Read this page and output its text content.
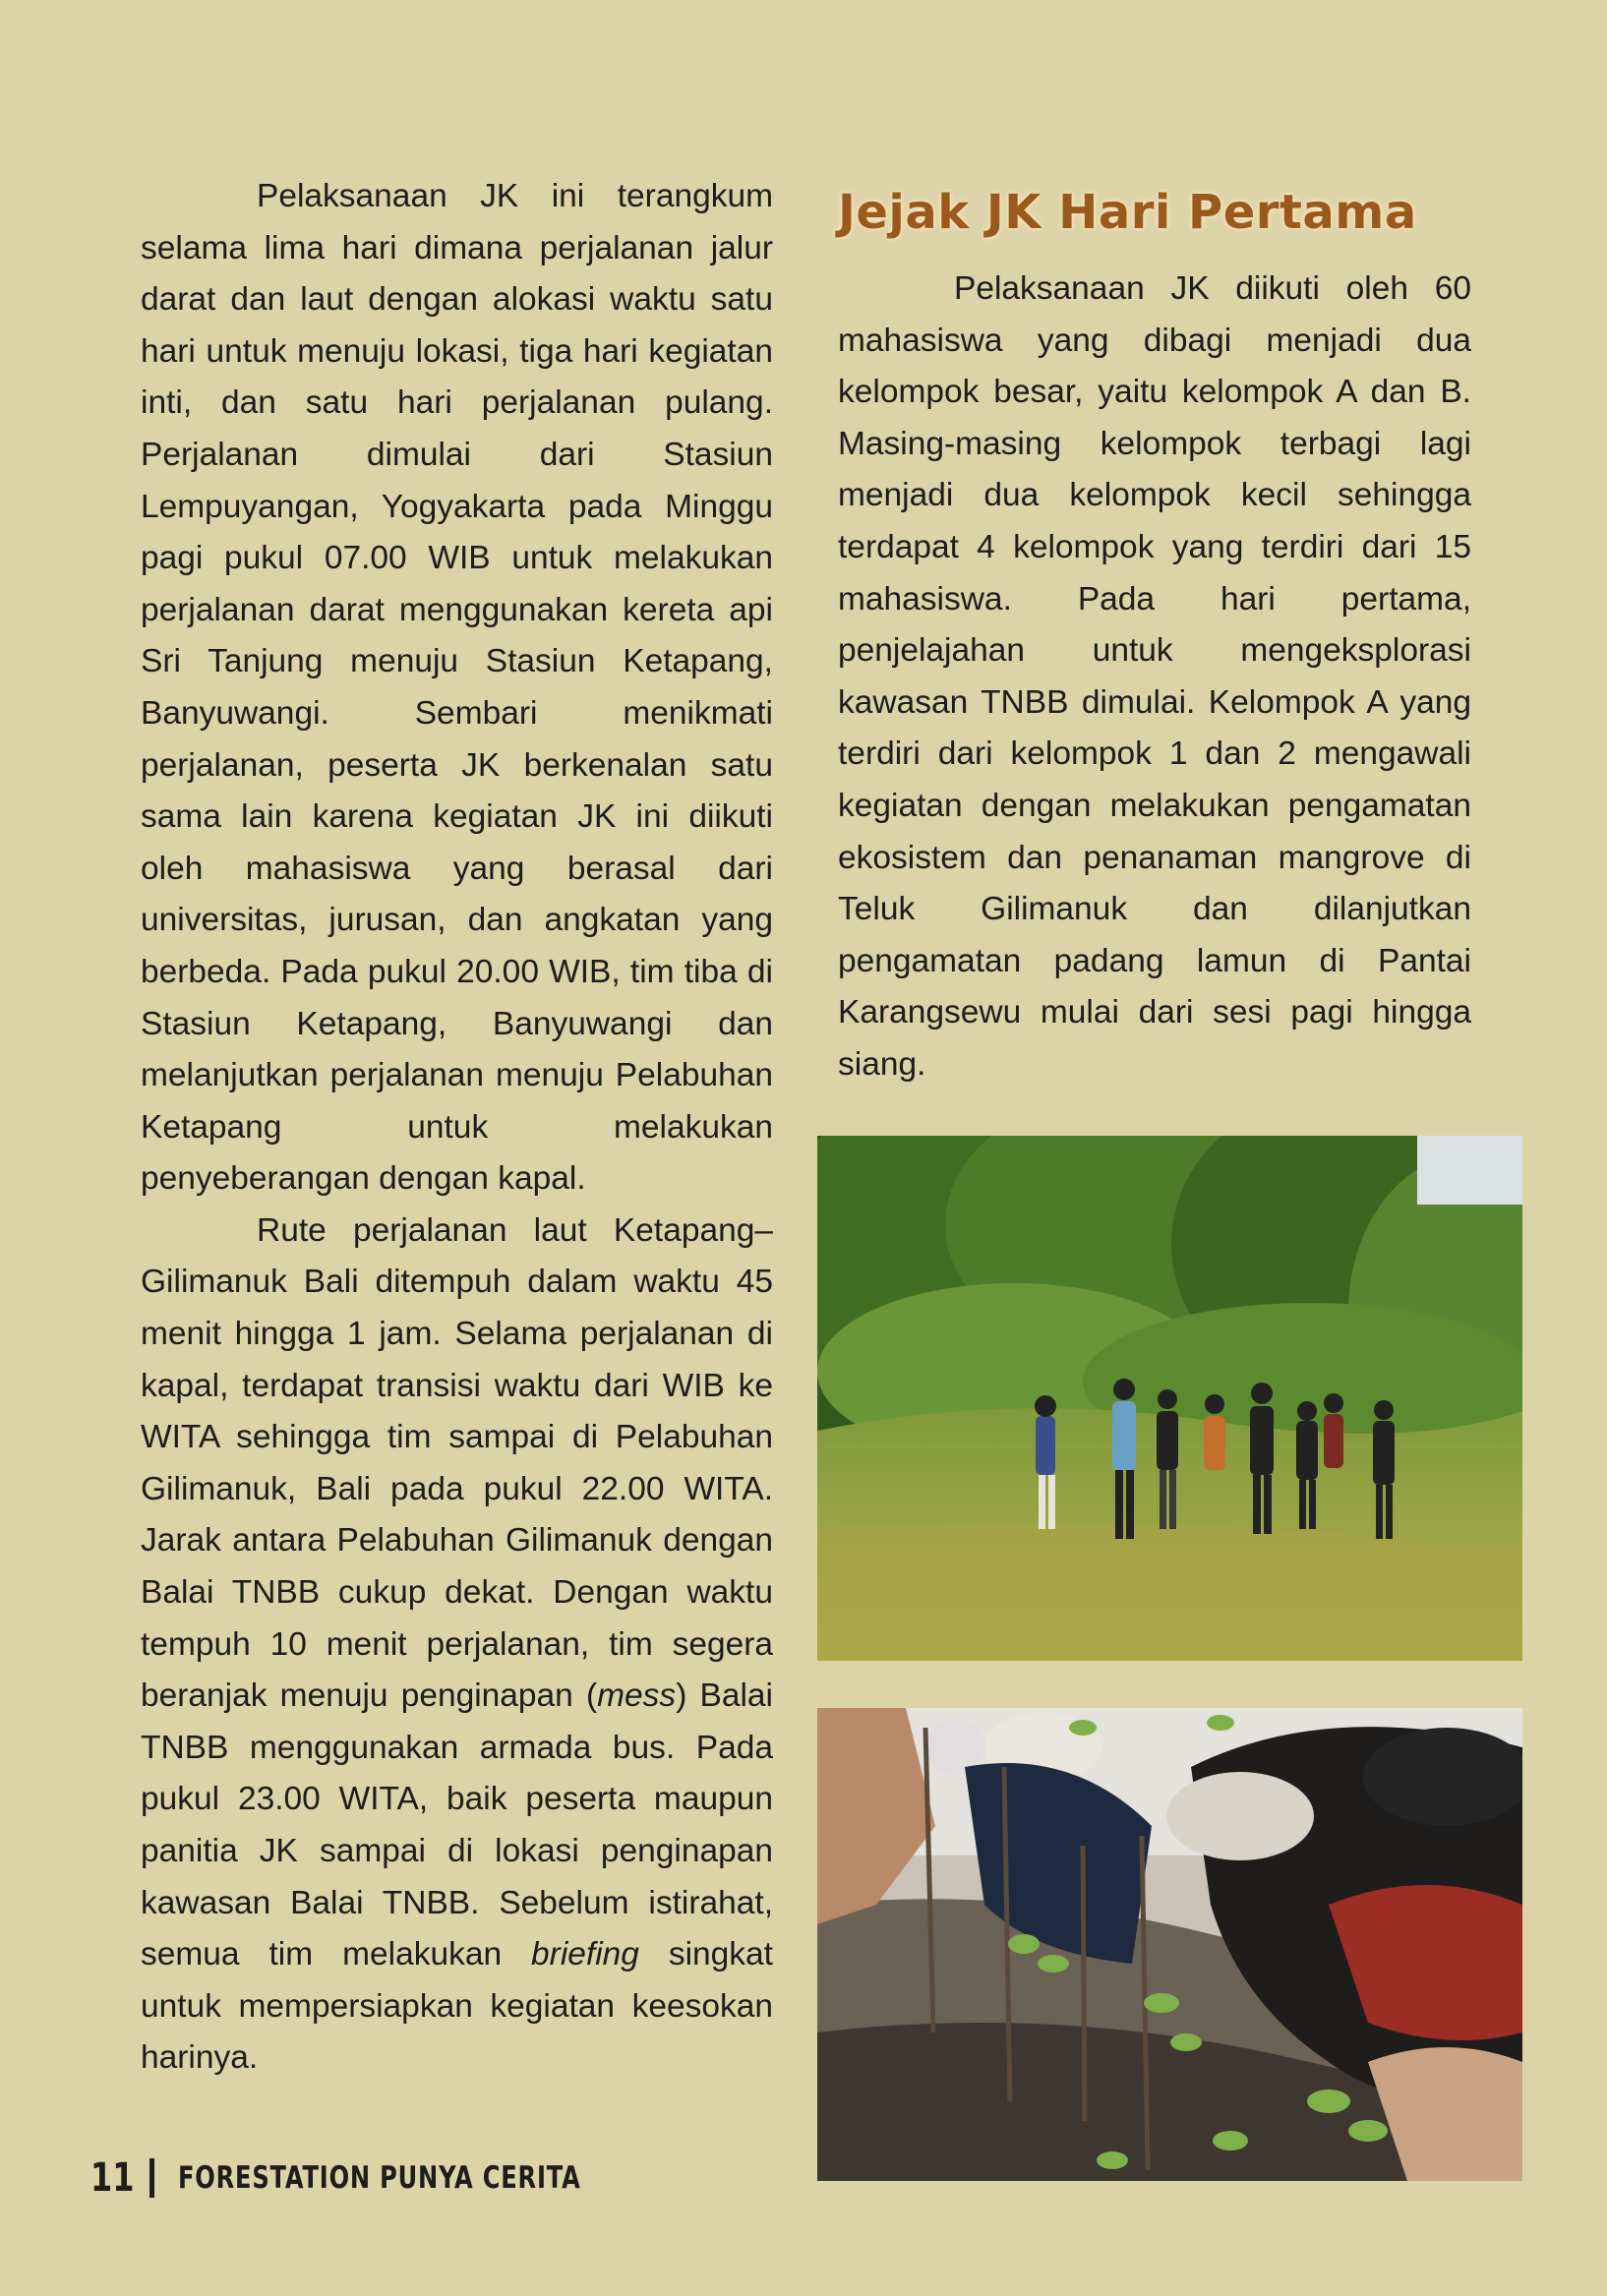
Pelaksanaan JK ini terangkum selama lima hari dimana perjalanan jalur darat dan laut dengan alokasi waktu satu hari untuk menuju lokasi, tiga hari kegiatan inti, dan satu hari perjalanan pulang. Perjalanan dimulai dari Stasiun Lempuyangan, Yogyakarta pada Minggu pagi pukul 07.00 WIB untuk melakukan perjalanan darat menggunakan kereta api Sri Tanjung menuju Stasiun Ketapang, Banyuwangi. Sembari menikmati perjalanan, peserta JK berkenalan satu sama lain karena kegiatan JK ini diikuti oleh mahasiswa yang berasal dari universitas, jurusan, dan angkatan yang berbeda. Pada pukul 20.00 WIB, tim tiba di Stasiun Ketapang, Banyuwangi dan melanjutkan perjalanan menuju Pelabuhan Ketapang untuk melakukan penyeberangan dengan kapal.

Rute perjalanan laut Ketapang–Gilimanuk Bali ditempuh dalam waktu 45 menit hingga 1 jam. Selama perjalanan di kapal, terdapat transisi waktu dari WIB ke WITA sehingga tim sampai di Pelabuhan Gilimanuk, Bali pada pukul 22.00 WITA. Jarak antara Pelabuhan Gilimanuk dengan Balai TNBB cukup dekat. Dengan waktu tempuh 10 menit perjalanan, tim segera beranjak menuju penginapan (mess) Balai TNBB menggunakan armada bus. Pada pukul 23.00 WITA, baik peserta maupun panitia JK sampai di lokasi penginapan kawasan Balai TNBB. Sebelum istirahat, semua tim melakukan briefing singkat untuk mempersiapkan kegiatan keesokan harinya.

Jejak JK Hari Pertama

Pelaksanaan JK diikuti oleh 60 mahasiswa yang dibagi menjadi dua kelompok besar, yaitu kelompok A dan B. Masing-masing kelompok terbagi lagi menjadi dua kelompok kecil sehingga terdapat 4 kelompok yang terdiri dari 15 mahasiswa. Pada hari pertama, penjelajahan untuk mengeksplorasi kawasan TNBB dimulai. Kelompok A yang terdiri dari kelompok 1 dan 2 mengawali kegiatan dengan melakukan pengamatan ekosistem dan penanaman mangrove di Teluk Gilimanuk dan dilanjutkan pengamatan padang lamun di Pantai Karangsewu mulai dari sesi pagi hingga siang.

11 FORESTATION PUNYA CERITA
